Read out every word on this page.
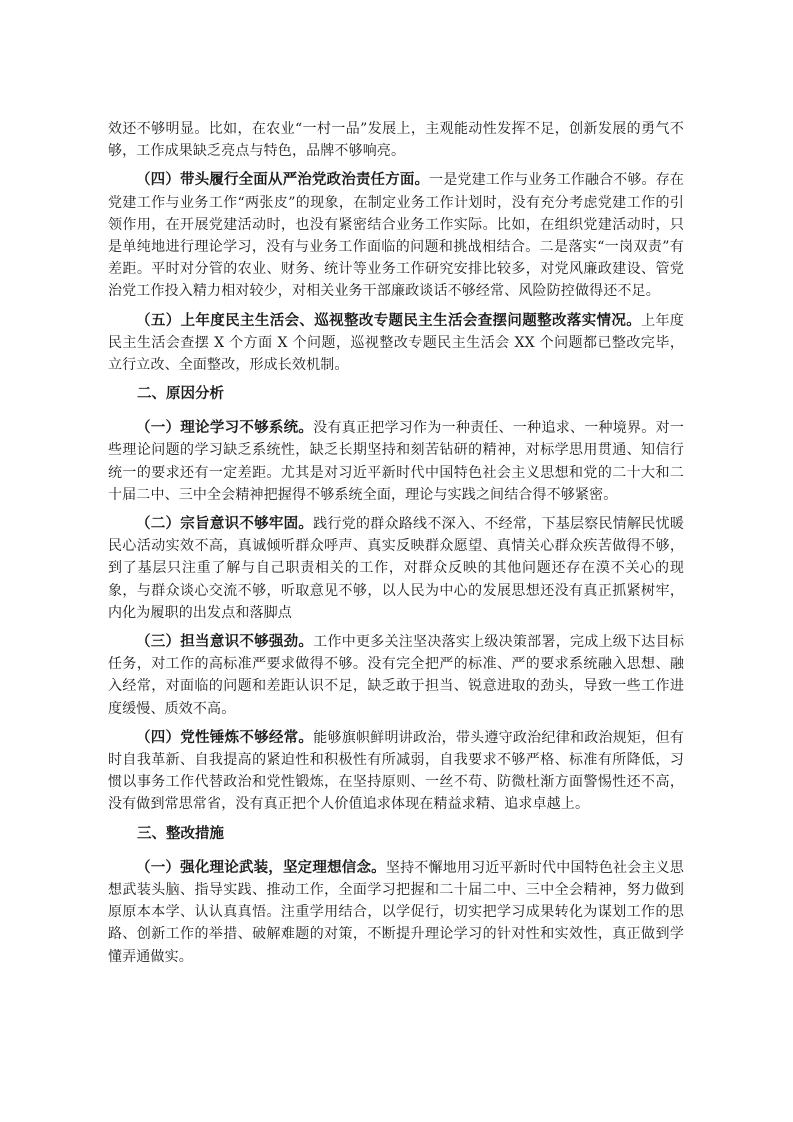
效还不够明显。比如，在农业“一村一品”发展上，主观能动性发挥不足，创新发展的勇气不够，工作成果缺乏亮点与特色，品牌不够响亮。

（四）带头履行全面从严治党政治责任方面。一是党建工作与业务工作融合不够。存在党建工作与业务工作“两张皮”的现象，在制定业务工作计划时，没有充分考虑党建工作的引领作用，在开展党建活动时，也没有紧密结合业务工作实际。比如，在组织党建活动时，只是单纯地进行理论学习，没有与业务工作面临的问题和挑战相结合。二是落实“一岗双责”有差距。平时对分管的农业、财务、统计等业务工作研究安排比较多，对党风廉政建设、管党治党工作投入精力相对较少，对相关业务干部廉政谈话不够经常、风险防控做得还不足。

（五）上年度民主生活会、巡视整改专题民主生活会查摆问题整改落实情况。上年度民主生活会查摆 X 个方面 X 个问题，巡视整改专题民主生活会 XX 个问题都已整改完毕，立行立改、全面整改，形成长效机制。

二、原因分析

（一）理论学习不够系统。没有真正把学习作为一种责任、一种追求、一种境界。对一些理论问题的学习缺乏系统性，缺乏长期坚持和刻苦钻研的精神，对标学思用贯通、知信行统一的要求还有一定差距。尤其是对习近平新时代中国特色社会主义思想和党的二十大和二十届二中、三中全会精神把握得不够系统全面，理论与实践之间结合得不够紧密。

（二）宗旨意识不够牢固。践行党的群众路线不深入、不经常，下基层察民情解民忧暖民心活动实效不高，真诚倾听群众呼声、真实反映群众愿望、真情关心群众疾苦做得不够，到了基层只注重了解与自己职责相关的工作，对群众反映的其他问题还存在漠不关心的现象，与群众谈心交流不够，听取意见不够，以人民为中心的发展思想还没有真正抓紧树牢，内化为履职的出发点和落脚点

（三）担当意识不够强劲。工作中更多关注坚决落实上级决策部署，完成上级下达目标任务，对工作的高标准严要求做得不够。没有完全把严的标准、严的要求系统融入思想、融入经常，对面临的问题和差距认识不足，缺乏敢于担当、锐意进取的劲头，导致一些工作进度缓慢、质效不高。

（四）党性锤炼不够经常。能够旗帜鲜明讲政治，带头遵守政治纪律和政治规矩，但有时自我革新、自我提高的紧迫性和积极性有所减弱，自我要求不够严格、标准有所降低，习惯以事务工作代替政治和党性锻炼，在坚持原则、一丝不苟、防微杜渐方面警惕性还不高，没有做到常思常省，没有真正把个人价值追求体现在精益求精、追求卓越上。

三、整改措施

（一）强化理论武装，坚定理想信念。坚持不懈地用习近平新时代中国特色社会主义思想武装头脑、指导实践、推动工作，全面学习把握和二十届二中、三中全会精神，努力做到原原本本学、认认真真悟。注重学用结合，以学促行，切实把学习成果转化为谋划工作的思路、创新工作的举措、破解难题的对策，不断提升理论学习的针对性和实效性，真正做到学懂弄通做实。
